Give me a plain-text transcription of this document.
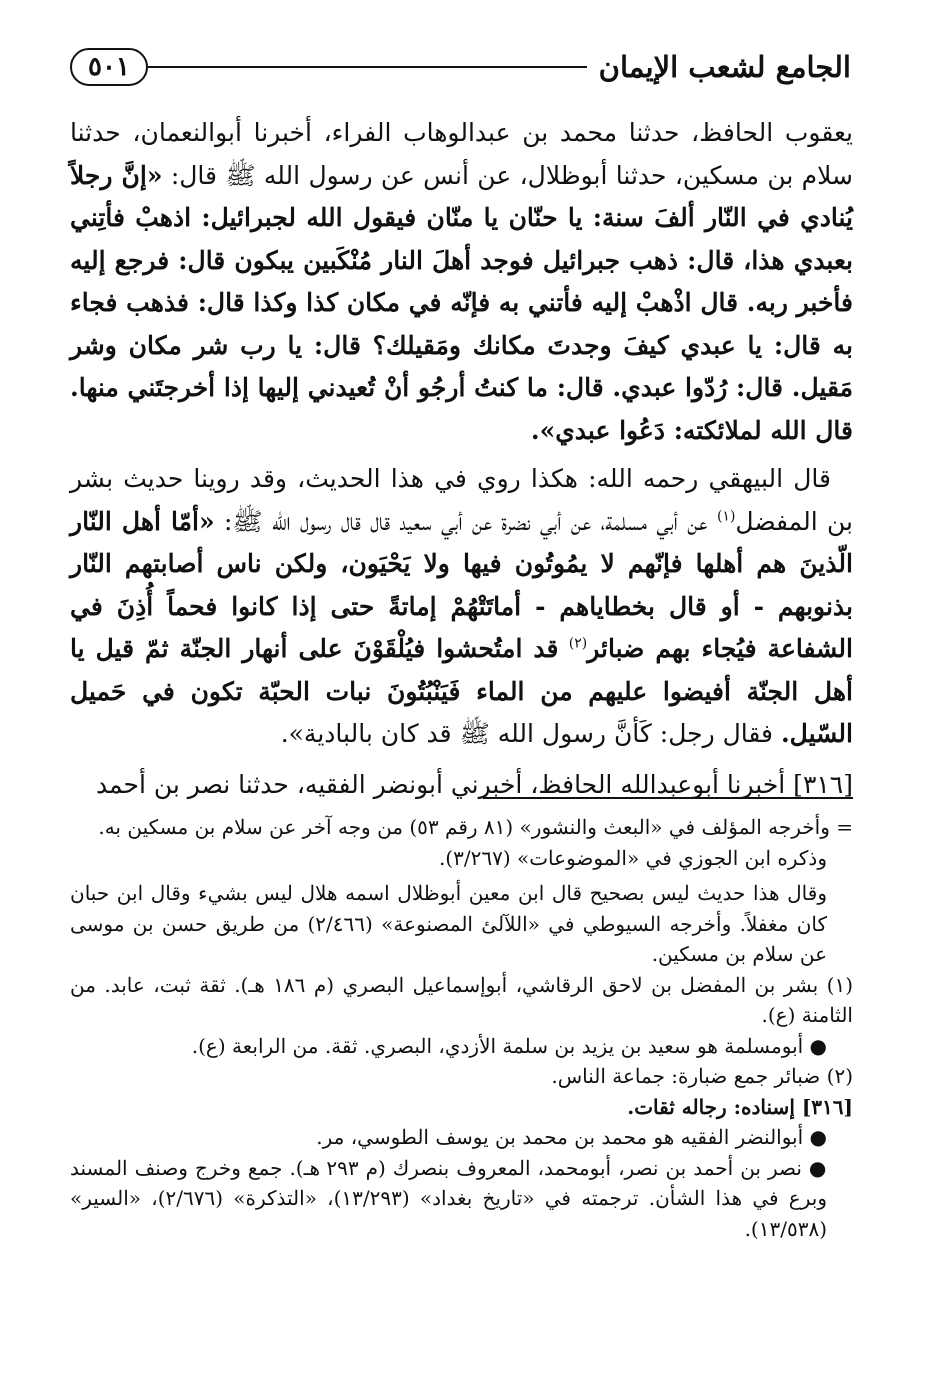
الجامع لشعب الإيمان
٥٠١

يعقوب الحافظ، حدثنا محمد بن عبدالوهاب الفراء، أخبرنا أبوالنعمان، حدثنا سلام بن مسكين، حدثنا أبوظلال، عن أنس عن رسول الله ﷺ قال: «إنَّ رجلاً يُنادي في النّار ألفَ سنة: يا حنّان يا منّان فيقول الله لجبرائيل: اذهبْ فأتِني بعبدي هذا، قال: ذهب جبرائيل فوجد أهلَ النار مُنْكَبين يبكون قال: فرجع إليه فأخبر ربه. قال اذْهبْ إليه فأتني به فإنّه في مكان كذا وكذا قال: فذهب فجاء به قال: يا عبدي كيفَ وجدتَ مكانك ومَقيلك؟ قال: يا رب شر مكان وشر مَقيل. قال: رُدّوا عبدي. قال: ما كنتُ أرجُو أنْ تُعيدني إليها إذا أخرجتَني منها. قال الله لملائكته: دَعُوا عبدي».

قال البيهقي رحمه الله: هكذا روي في هذا الحديث، وقد روينا حديث بشر بن المفضل$^{(١)}$ عن أبي مسلمة، عن أبي نضرة عن أبي سعيد قال قال رسول الله ﷺ: «أمّا أهل النّار الّذينَ هم أهلها فإنّهم لا يمُوتُون فيها ولا يَحْيَون، ولكن ناس أصابتهم النّار بذنوبهم - أو قال بخطاياهم - أماتَتْهُمْ إماتةً حتى إذا كانوا فحماً أُذِنَ في الشفاعة فيُجاء بهم ضبائر$^{(٢)}$ قد امتُحشوا فيُلْقَوْنَ على أنهار الجنّة ثمّ قيل يا أهل الجنّة أفيضوا عليهم من الماء فَيَنْبُتُونَ نبات الحبّة تكون في حَميل السّيل. فقال رجل: كَأنَّ رسول الله ﷺ قد كان بالبادية».

[٣١٦] أخبرنا أبوعبدالله الحافظ، أخبرني أبونضر الفقيه، حدثنا نصر بن أحمد

= وأخرجه المؤلف في «البعث والنشور» (٨١ رقم ٥٣) من وجه آخر عن سلام بن مسكين به.

وذكره ابن الجوزي في «الموضوعات» (٣/٢٦٧).

وقال هذا حديث ليس بصحيح قال ابن معين أبوظلال اسمه هلال ليس بشيء وقال ابن حبان كان مغفلاً. وأخرجه السيوطي في «اللآلئ المصنوعة» (٢/٤٦٦) من طريق حسن بن موسى عن سلام بن مسكين.

(١) بشر بن المفضل بن لاحق الرقاشي، أبوإسماعيل البصري (م ١٨٦ هـ). ثقة ثبت، عابد. من الثامنة (ع).

● أبومسلمة هو سعيد بن يزيد بن سلمة الأزدي، البصري. ثقة. من الرابعة (ع).

(٢) ضبائر جمع ضبارة: جماعة الناس.

[٣١٦] إسناده: رجاله ثقات.

● أبوالنضر الفقيه هو محمد بن محمد بن يوسف الطوسي، مر.

● نصر بن أحمد بن نصر، أبومحمد، المعروف بنصرك (م ٢٩٣ هـ). جمع وخرج وصنف المسند وبرع في هذا الشأن. ترجمته في «تاريخ بغداد» (١٣/٢٩٣)، «التذكرة» (٢/٦٧٦)، «السير» (١٣/٥٣٨).
